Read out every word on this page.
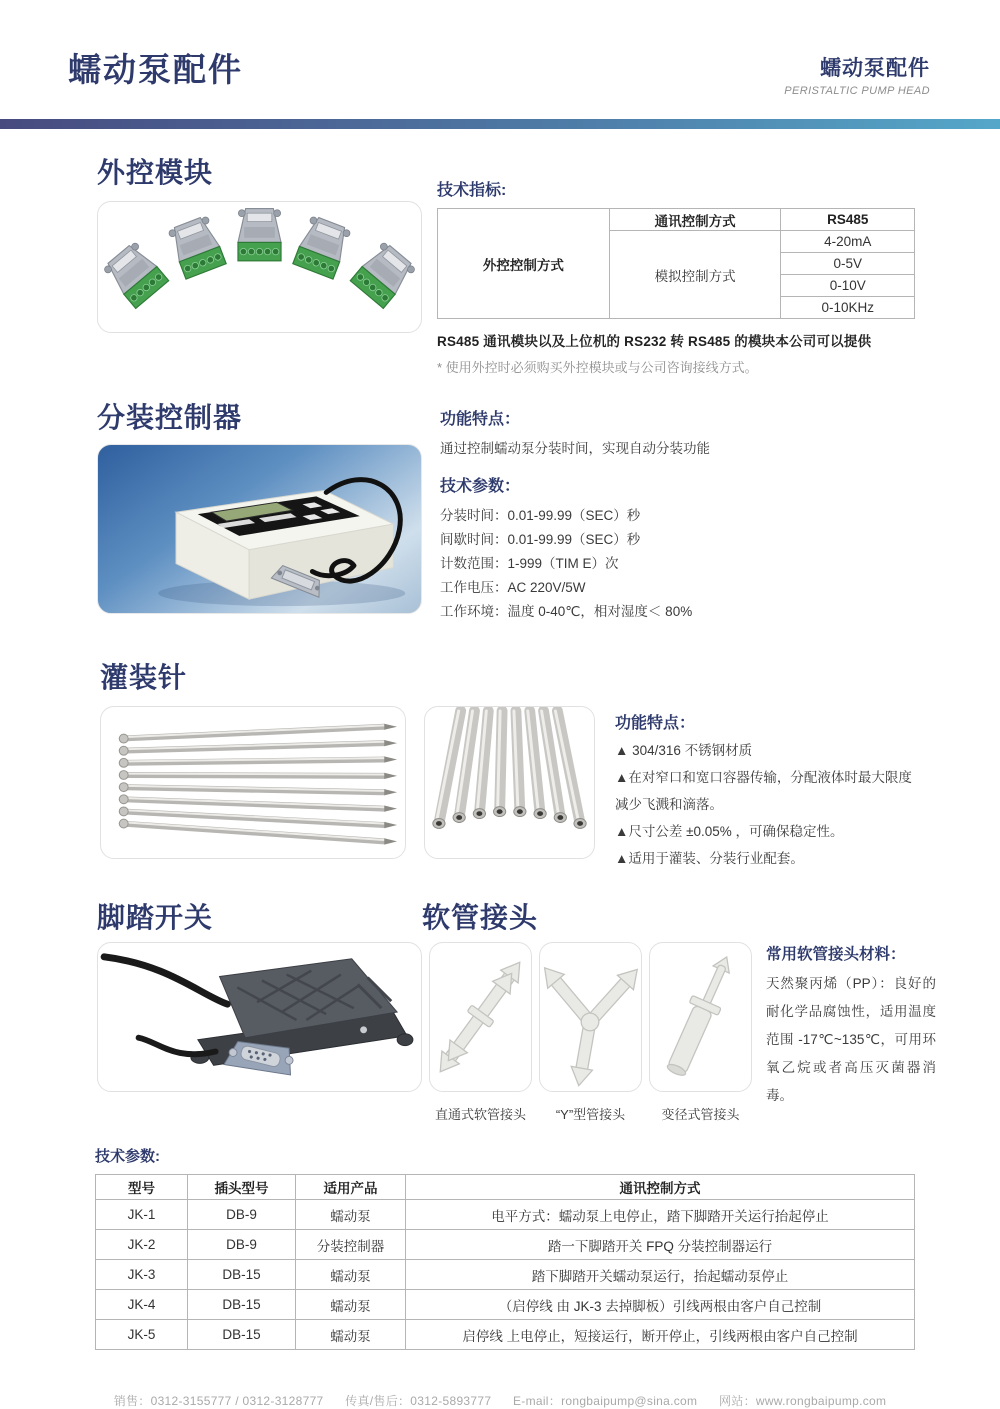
蠕动泵配件	蠕动泵配件
PERISTALTIC PUMP HEAD
外控模块
技术指标:
外控控制方式	通讯控制方式	RS485
	模拟控制方式	4-20mA
		0-5V
		0-10V
		0-10KHz

RS485 通讯模块以及上位机的 RS232 转 RS485 的模块本公司可以提供

* 使用外控时必须购买外控模块或与公司咨询接线方式。

分装控制器	功能特点：

通过控制蠕动泵分装时间，实现自动分装功能

技术参数：

分装时间：0.01-99.99（SEC）秒

间歇时间：0.01-99.99（SEC）秒

计数范围：1-999（TIM E）次

工作电压：AC 220V/5W

工作环境：温度 0-40℃，相对湿度＜ 80%

灌装针
功能特点：

▲ 304/316 不锈钢材质

▲在对窄口和宽口容器传输，分配液体时最大限度减少飞溅和滴落。

▲尺寸公差 ±0.05% ，可确保稳定性。

▲适用于灌装、分装行业配套。

脚踏开关	软管接头

直通式软管接头	“Y”型管接头	变径式管接头

常用软管接头材料：

天然聚丙烯（PP）：良好的耐化学品腐蚀性，适用温度范围 -17℃~135℃，可用环氧乙烷或者高压灭菌器消毒。

技术参数:
型号	插头型号	适用产品	通讯控制方式
JK-1	DB-9	蠕动泵	电平方式：蠕动泵上电停止，踏下脚踏开关运行抬起停止
JK-2	DB-9	分装控制器	踏一下脚踏开关 FPQ 分装控制器运行
JK-3	DB-15	蠕动泵	踏下脚踏开关蠕动泵运行，抬起蠕动泵停止
JK-4	DB-15	蠕动泵	（启停线 由 JK-3 去掉脚板）引线两根由客户自己控制
JK-5	DB-15	蠕动泵	启停线 上电停止，短接运行，断开停止，引线两根由客户自己控制
销售：0312-3155777 / 0312-3128777 传真/售后：0312-5893777 E-mail：rongbaipump@sina.com 网站：www.rongbaipump.com
